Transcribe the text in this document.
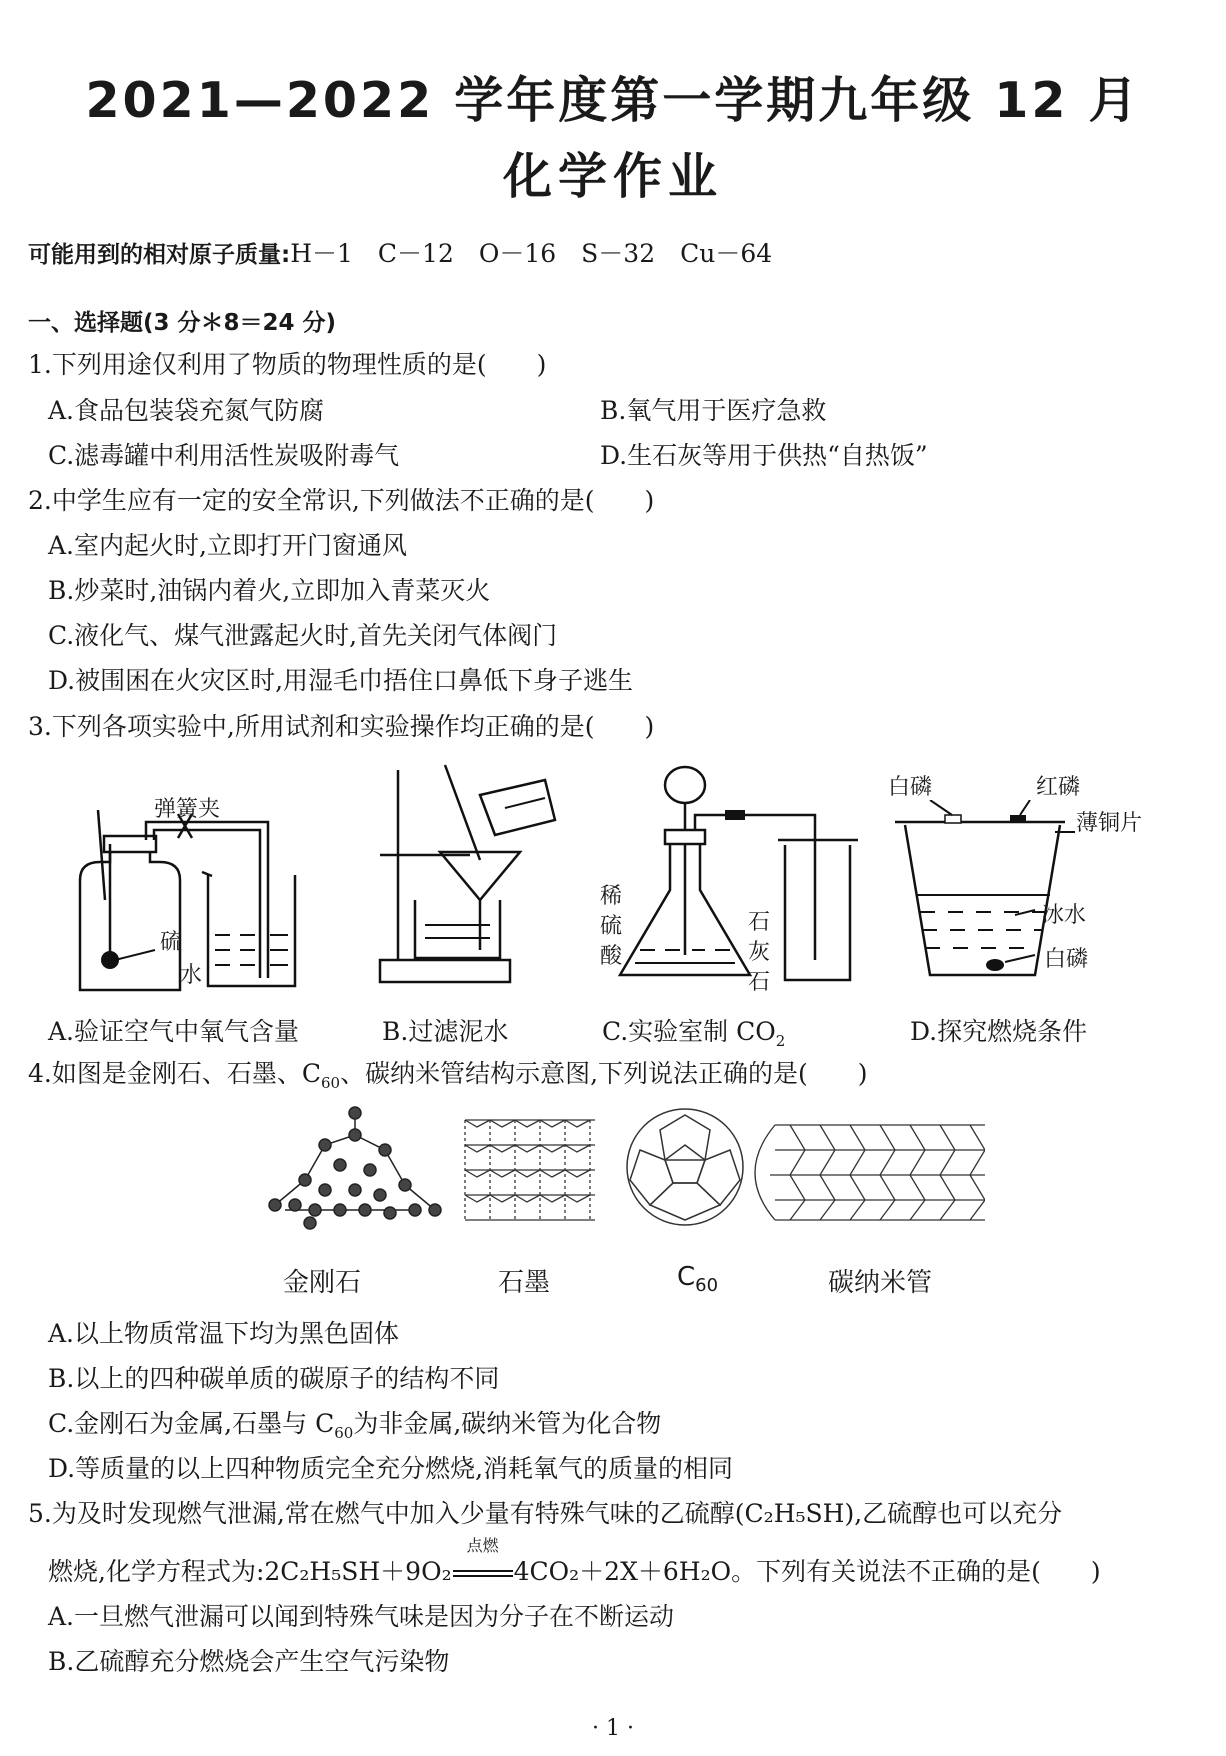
2021—2022 学年度第一学期九年级 12 月
化学作业
可能用到的相对原子质量:H－1　C－12　O－16　S－32　Cu－64
一、选择题(3 分＊8＝24 分)
1.下列用途仅利用了物质的物理性质的是(　　)
A.食品包装袋充氮气防腐	B.氧气用于医疗急救
C.滤毒罐中利用活性炭吸附毒气	D.生石灰等用于供热“自热饭”
2.中学生应有一定的安全常识,下列做法不正确的是(　　)
A.室内起火时,立即打开门窗通风
B.炒菜时,油锅内着火,立即加入青菜灭火
C.液化气、煤气泄露起火时,首先关闭气体阀门
D.被围困在火灾区时,用湿毛巾捂住口鼻低下身子逃生
3.下列各项实验中,所用试剂和实验操作均正确的是(　　)
弹簧夹
硫
水
稀
硫
酸
石
灰
石
白磷	红磷
薄铜片
冰水
白磷
A.验证空气中氧气含量	B.过滤泥水	C.实验室制 $CO_2$	D.探究燃烧条件
4.如图是金刚石、石墨、$C_{60}$、碳纳米管结构示意图,下列说法正确的是(　　)
金刚石	石墨	$C_{60}$	碳纳米管
A.以上物质常温下均为黑色固体
B.以上的四种碳单质的碳原子的结构不同
C.金刚石为金属,石墨与 $C_{60}$为非金属,碳纳米管为化合物
D.等质量的以上四种物质完全充分燃烧,消耗氧气的质量的相同
5.为及时发现燃气泄漏,常在燃气中加入少量有特殊气味的乙硫醇(C₂H₅SH),乙硫醇也可以充分
燃烧,化学方程式为:2C₂H₅SH＋9O₂
点燃
4CO₂＋2X＋6H₂O。下列有关说法不正确的是(　　)
A.一旦燃气泄漏可以闻到特殊气味是因为分子在不断运动
B.乙硫醇充分燃烧会产生空气污染物
· 1 ·
